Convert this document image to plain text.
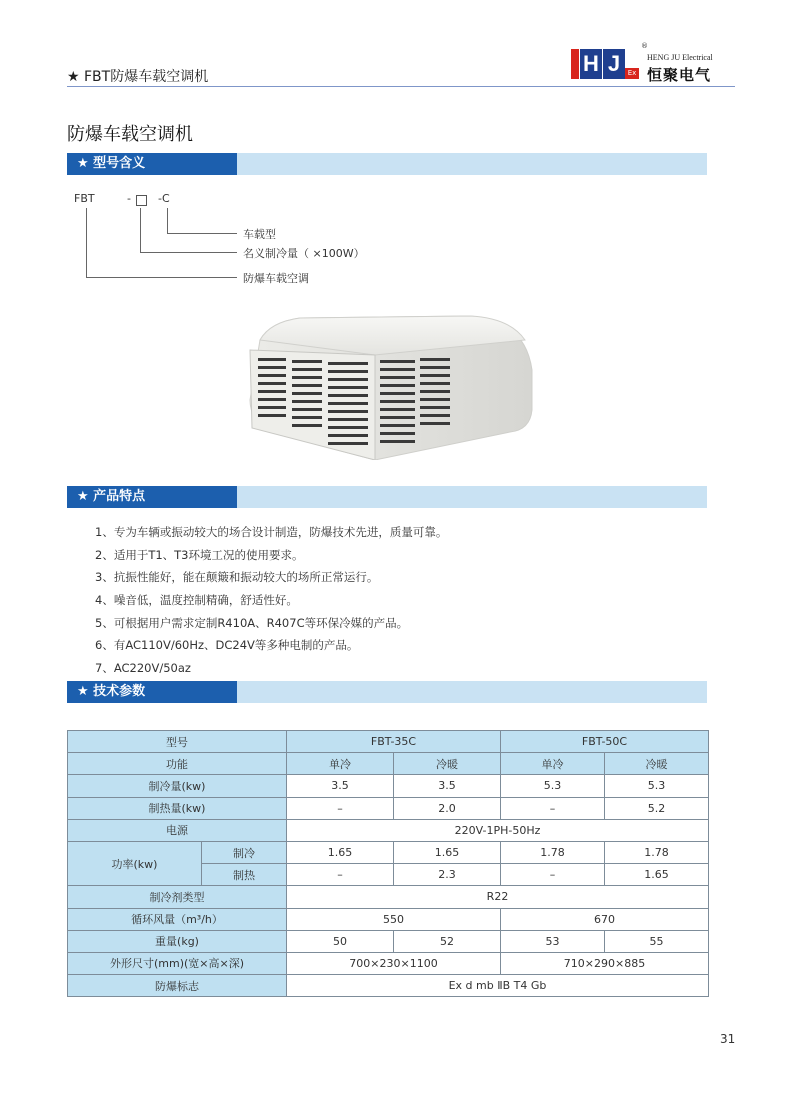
★ FBT防爆车载空调机
H J	Ex
®
HENG JU Electrical
恒聚电气
防爆车载空调机
★ 型号含义
FBT	- -C
车载型
名义制冷量（ ×100W）
防爆车载空调
★ 产品特点
1、专为车辆或振动较大的场合设计制造，防爆技术先进，质量可靠。
2、适用于T1、T3环境工况的使用要求。
3、抗振性能好，能在颠簸和振动较大的场所正常运行。
4、噪音低，温度控制精确，舒适性好。
5、可根据用户需求定制R410A、R407C等环保冷媒的产品。
6、有AC110V/60Hz、DC24V等多种电制的产品。
7、AC220V/50az
★ 技术参数
型号		FBT-35C		FBT-50C	
功能		单冷	冷暖	单冷	冷暖
制冷量(kw)		3.5	3.5	5.3	5.3
制热量(kw)		–	2.0	–	5.2
电源		220V-1PH-50Hz			
功率(kw)	制冷	1.65	1.65	1.78	1.78
	制热	–	2.3	–	1.65
制冷剂类型		R22			
循环风量（m³/h）		550		670	
重量(kg)		50	52	53	55
外形尺寸(mm)(宽×高×深)		700×230×1100		710×290×885	
防爆标志		Ex d mb ⅡB T4 Gb			
31
